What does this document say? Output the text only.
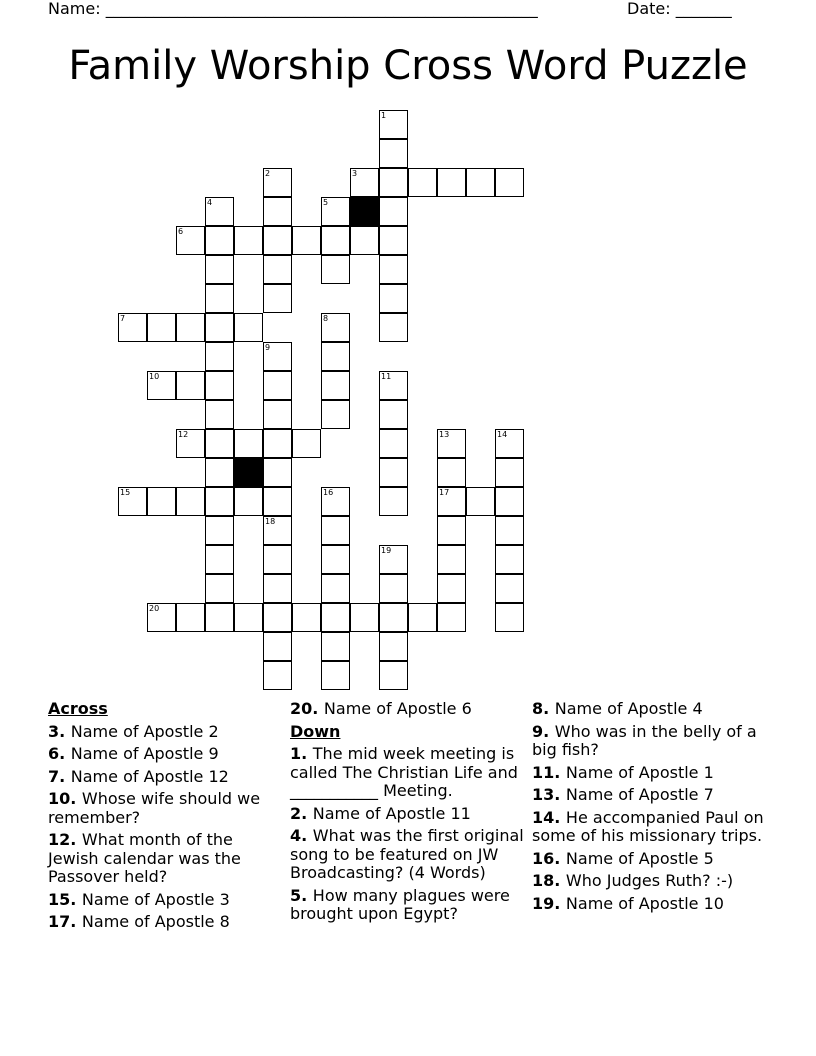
Name: ______________________________________________________	Date: _______
Family Worship Cross Word Puzzle
1
2	3
4	5
6
7	8
9
10	11
12	13	14
15	16	17
18
19
20
Across
3. Name of Apostle 2
6. Name of Apostle 9
7. Name of Apostle 12
10. Whose wife should we remember?
12. What month of the Jewish calendar was the Passover held?
15. Name of Apostle 3
17. Name of Apostle 8
20. Name of Apostle 6
Down
1. The mid week meeting is called The Christian Life and ___________ Meeting.
2. Name of Apostle 11
4. What was the first original song to be featured on JW Broadcasting? (4 Words)
5. How many plagues were brought upon Egypt?
8. Name of Apostle 4
9. Who was in the belly of a big fish?
11. Name of Apostle 1
13. Name of Apostle 7
14. He accompanied Paul on some of his missionary trips.
16. Name of Apostle 5
18. Who Judges Ruth? :-)
19. Name of Apostle 10
